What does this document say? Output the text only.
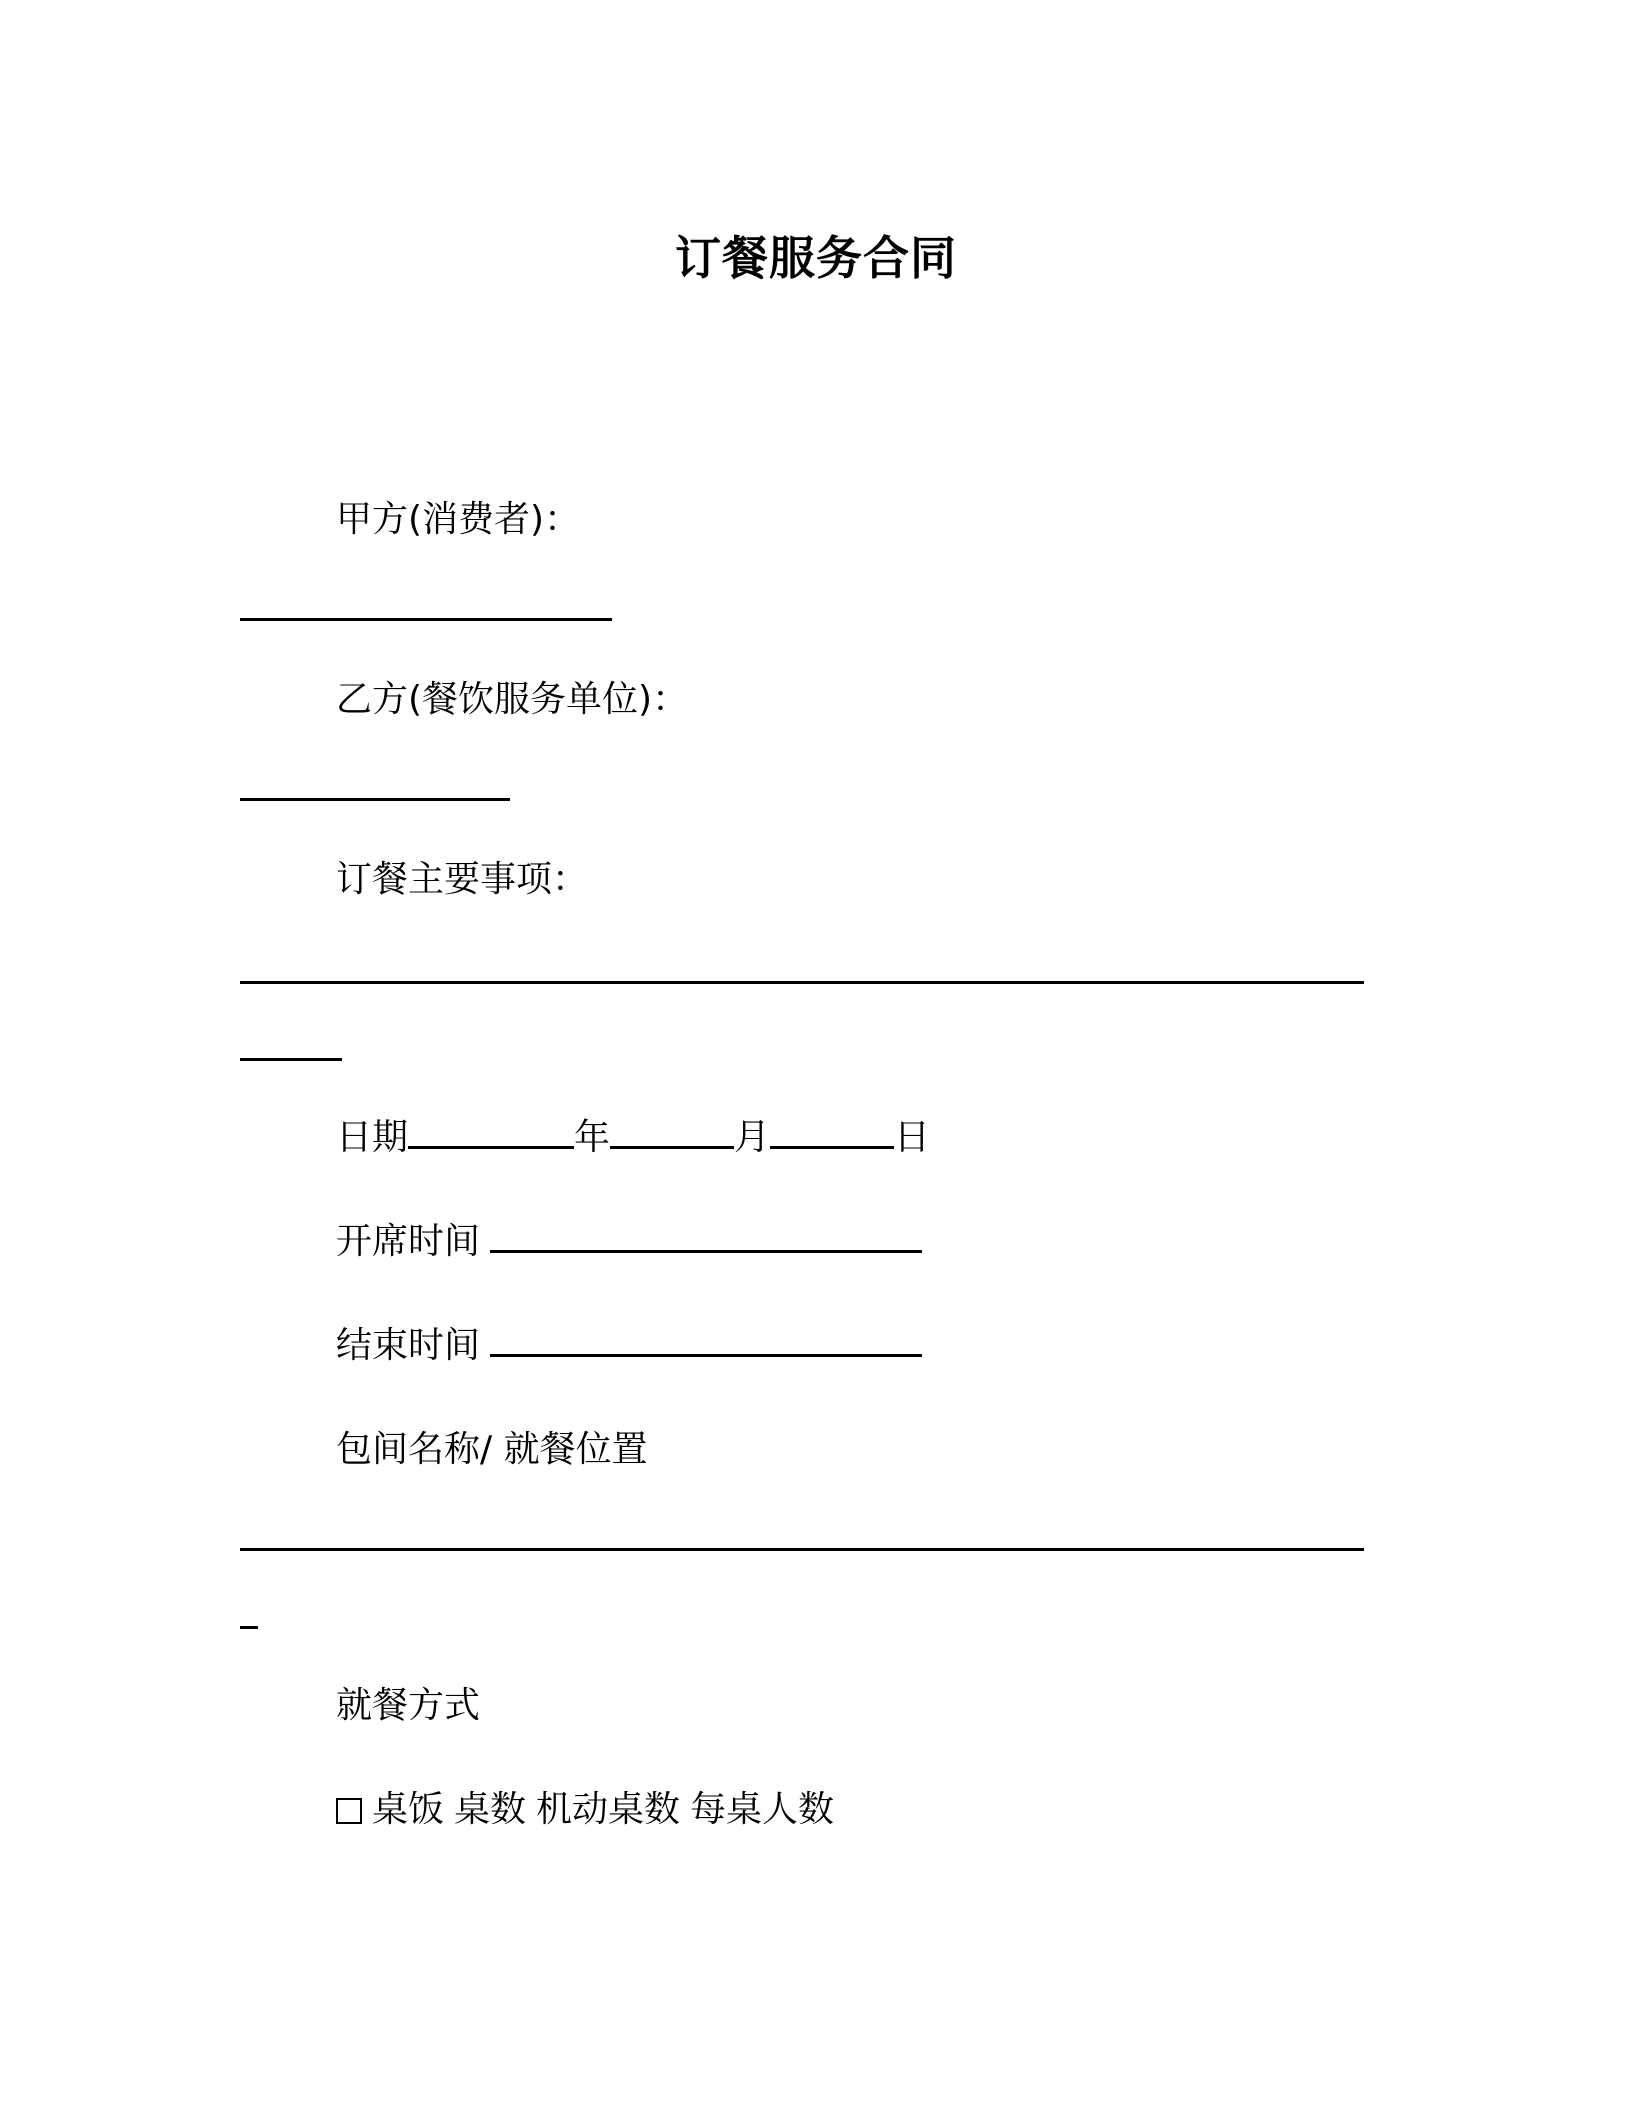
订餐服务合同
甲方(消费者)：
乙方(餐饮服务单位)：
订餐主要事项：
日期	年	月	日
开席时间
结束时间
包间名称/ 就餐位置
就餐方式
桌饭 桌数 机动桌数 每桌人数
